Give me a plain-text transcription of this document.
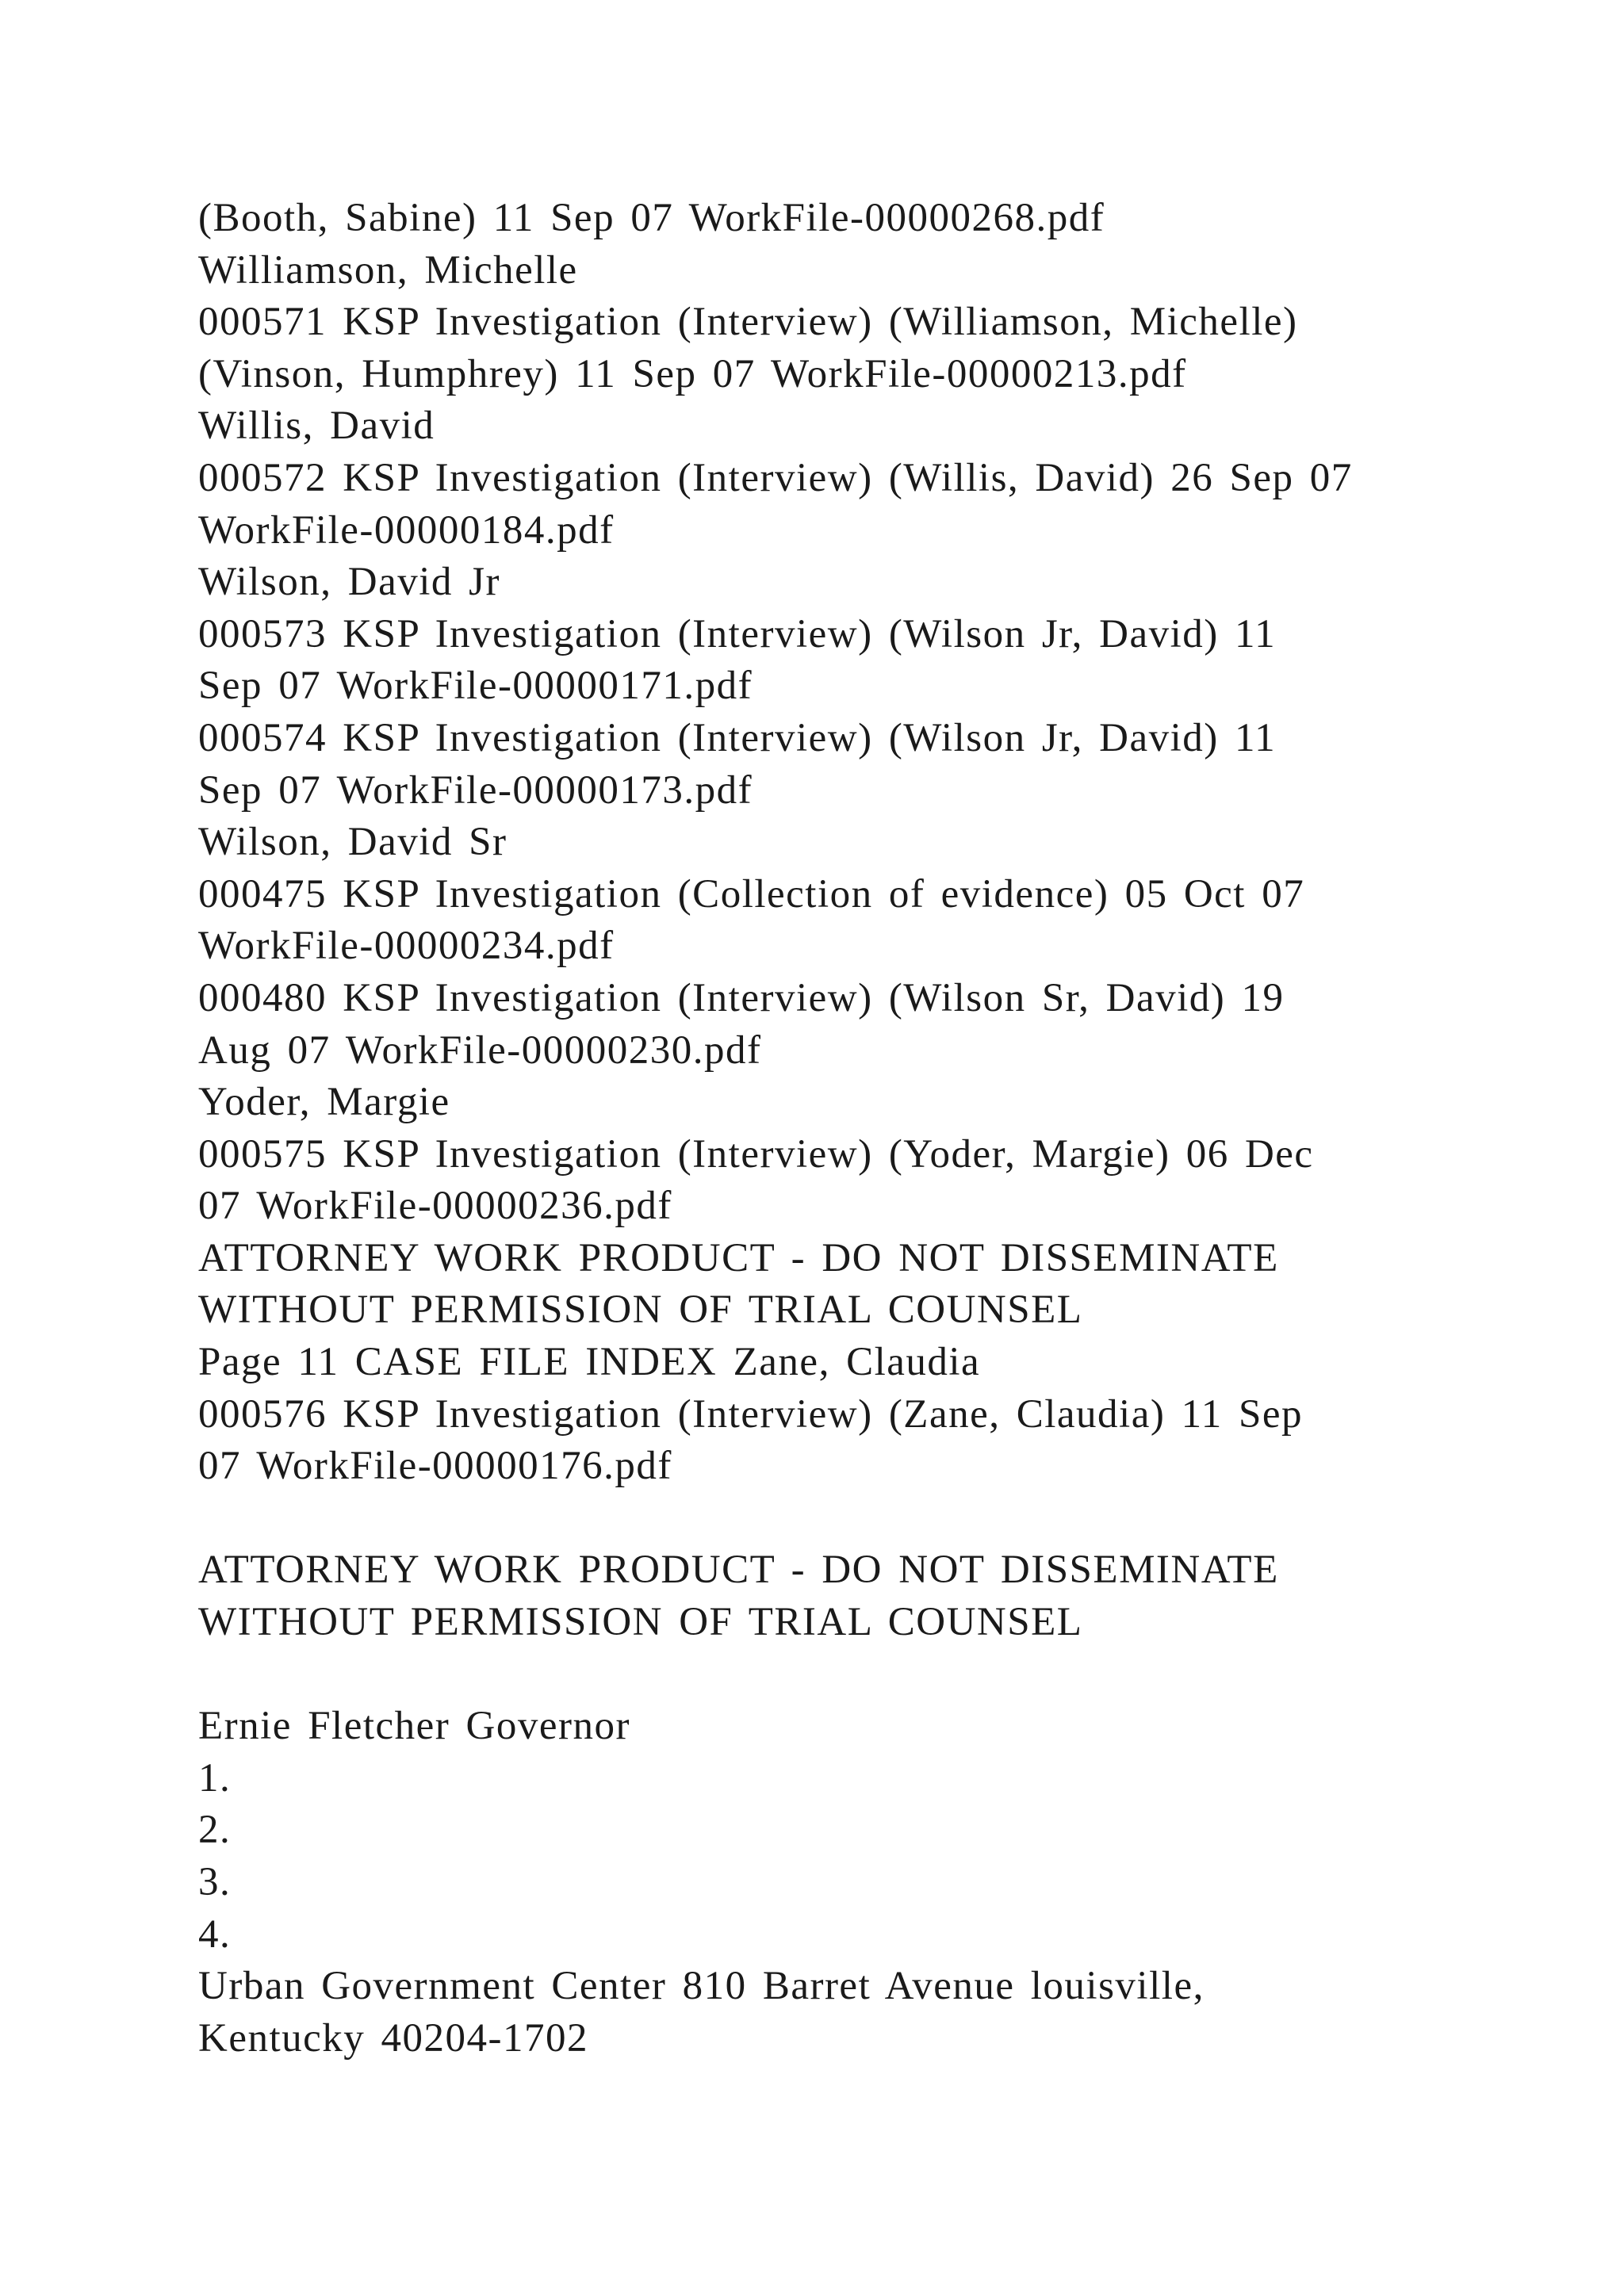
(Booth, Sabine) 11 Sep 07 WorkFile-00000268.pdf
Williamson, Michelle
000571 KSP Investigation (Interview) (Williamson, Michelle)
(Vinson, Humphrey) 11 Sep 07 WorkFile-00000213.pdf
Willis, David
000572 KSP Investigation (Interview) (Willis, David) 26 Sep 07
WorkFile-00000184.pdf
Wilson, David Jr
000573 KSP Investigation (Interview) (Wilson Jr, David) 11
Sep 07 WorkFile-00000171.pdf
000574 KSP Investigation (Interview) (Wilson Jr, David) 11
Sep 07 WorkFile-00000173.pdf
Wilson, David Sr
000475 KSP Investigation (Collection of evidence) 05 Oct 07
WorkFile-00000234.pdf
000480 KSP Investigation (Interview) (Wilson Sr, David) 19
Aug 07 WorkFile-00000230.pdf
Yoder, Margie
000575 KSP Investigation (Interview) (Yoder, Margie) 06 Dec
07 WorkFile-00000236.pdf
ATTORNEY WORK PRODUCT - DO NOT DISSEMINATE
WITHOUT PERMISSION OF TRIAL COUNSEL
Page 11 CASE FILE INDEX Zane, Claudia
000576 KSP Investigation (Interview) (Zane, Claudia) 11 Sep
07 WorkFile-00000176.pdf
ATTORNEY WORK PRODUCT - DO NOT DISSEMINATE
WITHOUT PERMISSION OF TRIAL COUNSEL
Ernie Fletcher Governor
1.
2.
3.
4.
Urban Government Center 810 Barret Avenue louisville,
Kentucky 40204-1702
